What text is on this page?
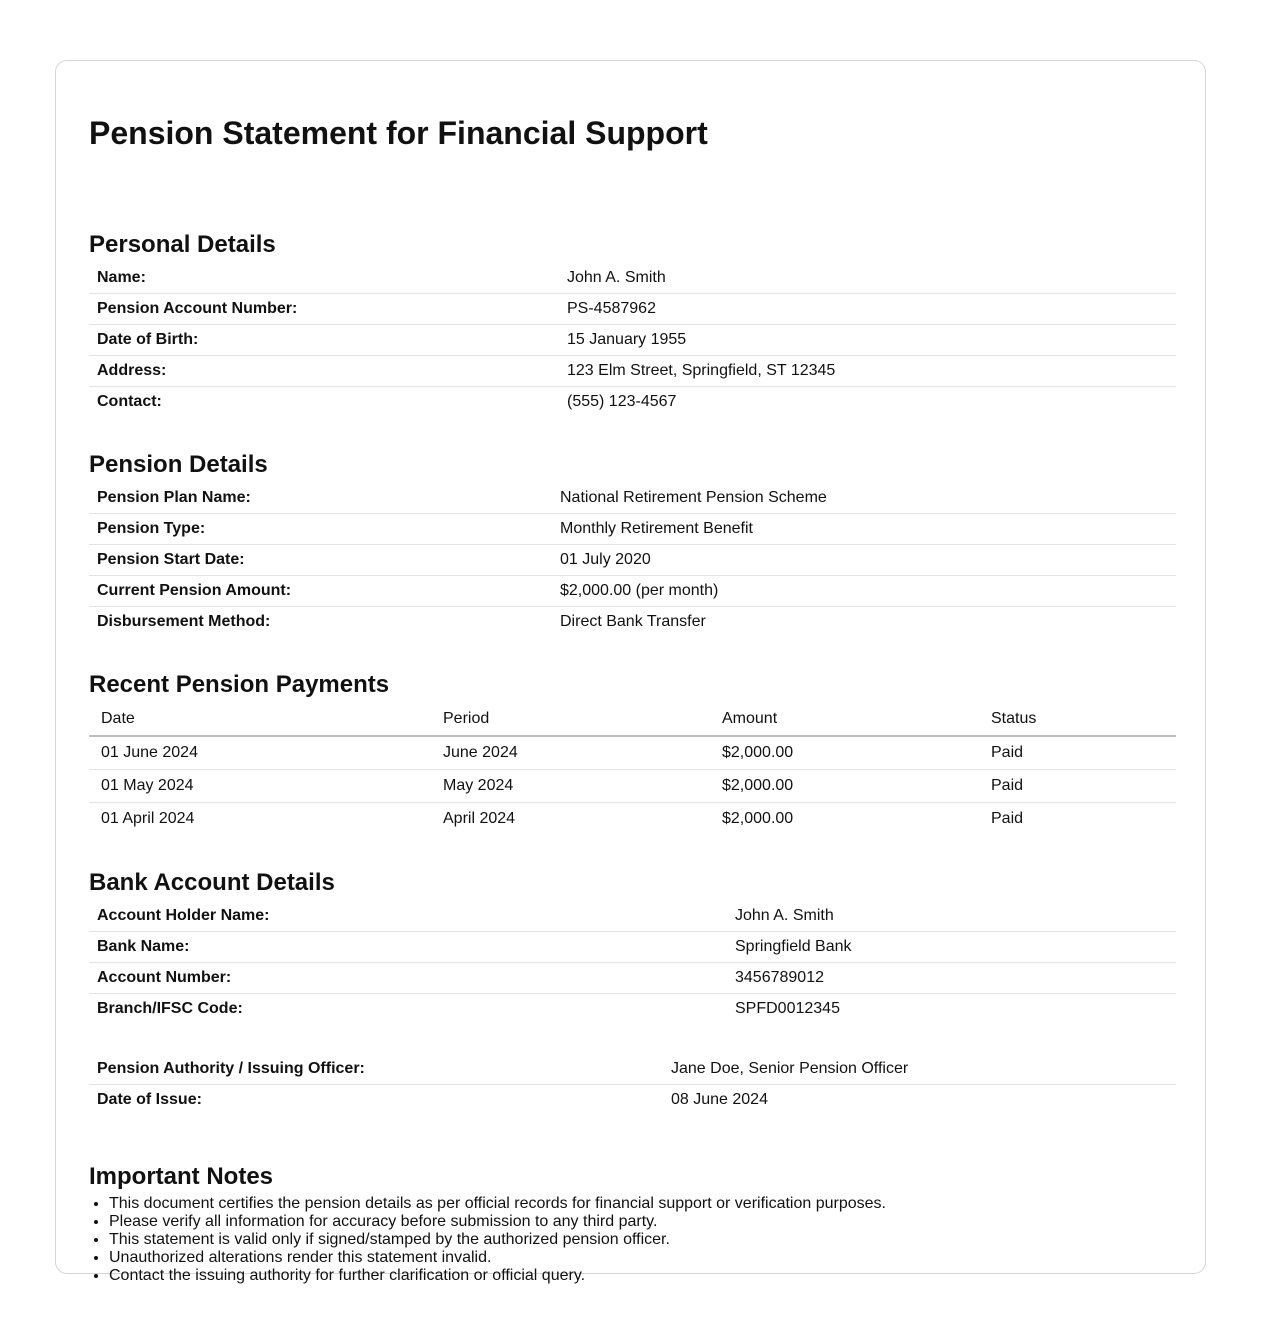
Pension Statement for Financial Support
Personal Details
Name:	John A. Smith
Pension Account Number:	PS-4587962
Date of Birth:	15 January 1955
Address:	123 Elm Street, Springfield, ST 12345
Contact:	(555) 123-4567
Pension Details
Pension Plan Name:	National Retirement Pension Scheme
Pension Type:	Monthly Retirement Benefit
Pension Start Date:	01 July 2020
Current Pension Amount:	$2,000.00 (per month)
Disbursement Method:	Direct Bank Transfer
Recent Pension Payments
Date	Period	Amount	Status
01 June 2024	June 2024	$2,000.00	Paid
01 May 2024	May 2024	$2,000.00	Paid
01 April 2024	April 2024	$2,000.00	Paid
Bank Account Details
Account Holder Name:	John A. Smith
Bank Name:	Springfield Bank
Account Number:	3456789012
Branch/IFSC Code:	SPFD0012345
Pension Authority / Issuing Officer:	Jane Doe, Senior Pension Officer
Date of Issue:	08 June 2024
Important Notes
• This document certifies the pension details as per official records for financial support or verification purposes.
• Please verify all information for accuracy before submission to any third party.
• This statement is valid only if signed/stamped by the authorized pension officer.
• Unauthorized alterations render this statement invalid.
• Contact the issuing authority for further clarification or official query.
